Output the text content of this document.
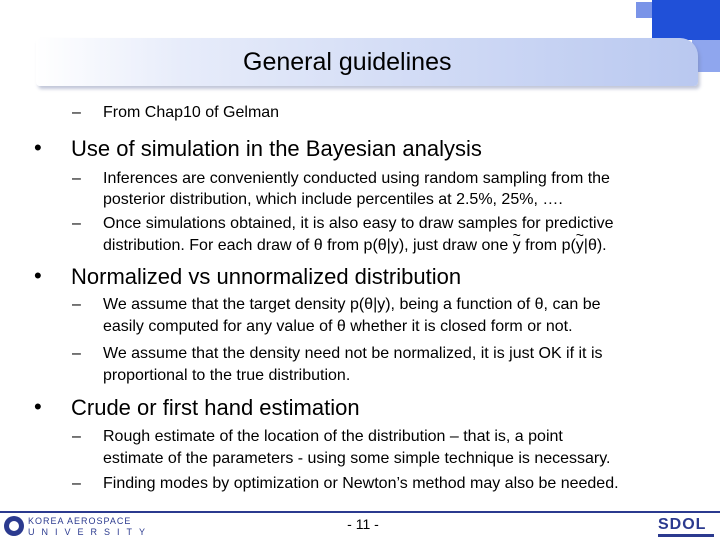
General guidelines
– From Chap10 of Gelman
• Use of simulation in the Bayesian analysis
– Inferences are conveniently conducted using random sampling from the
posterior distribution, which include percentiles at 2.5%, 25%, ….
– Once simulations obtained, it is also easy to draw samples for predictive
distribution. For each draw of θ from p(θ|y), just draw one ~ y from p(~ y|θ).
• Normalized vs unnormalized distribution
– We assume that the target density p(θ|y), being a function of θ, can be
easily computed for any value of θ whether it is closed form or not.
– We assume that the density need not be normalized, it is just OK if it is
proportional to the true distribution.
• Crude or first hand estimation
– Rough estimate of the location of the distribution – that is, a point
estimate of the parameters - using some simple technique is necessary.
– Finding modes by optimization or Newton’s method may also be needed.
KOREA AEROSPACE
UNIVERSITY	- 11 -	SDOL
